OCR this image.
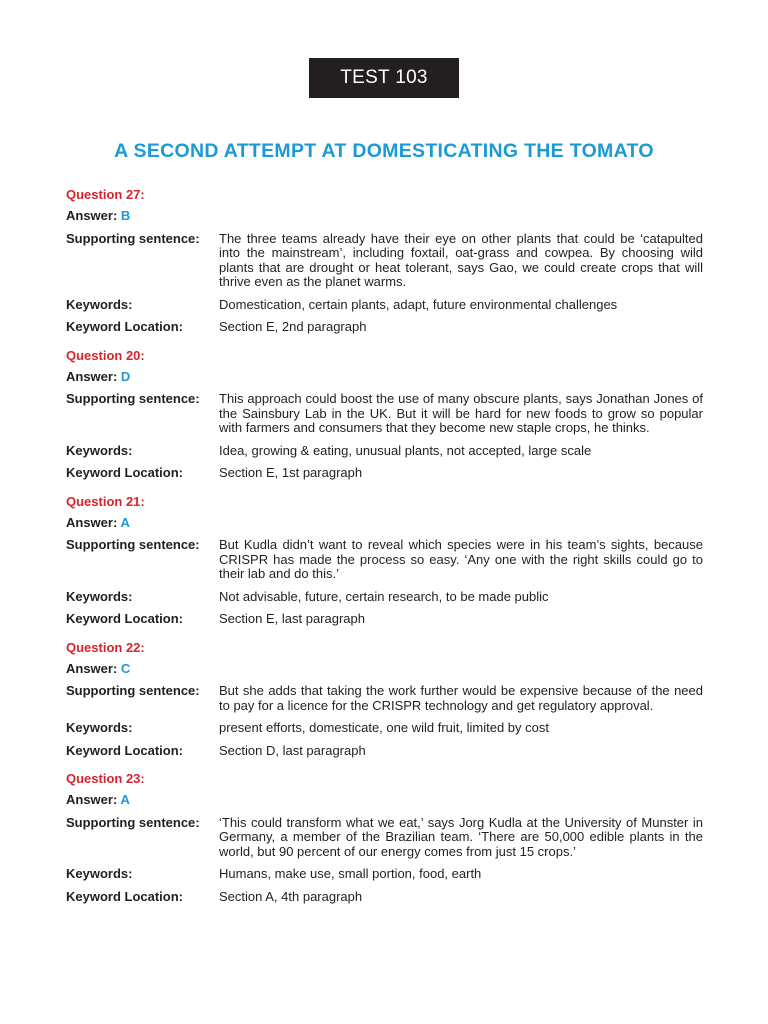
TEST 103
A SECOND ATTEMPT AT DOMESTICATING THE TOMATO
Question 27:
Answer: B
Supporting sentence:	The three teams already have their eye on other plants that could be ‘catapulted into the mainstream’, including foxtail, oat-grass and cowpea. By choosing wild plants that are drought or heat tolerant, says Gao, we could create crops that will thrive even as the planet warms.
Keywords:	Domestication, certain plants, adapt, future environmental challenges
Keyword Location:	Section E, 2nd paragraph
Question 20:
Answer: D
Supporting sentence:	This approach could boost the use of many obscure plants, says Jonathan Jones of the Sainsbury Lab in the UK. But it will be hard for new foods to grow so popular with farmers and consumers that they become new staple crops, he thinks.
Keywords:	Idea, growing & eating, unusual plants, not accepted, large scale
Keyword Location:	Section E, 1st paragraph
Question 21:
Answer: A
Supporting sentence:	But Kudla didn’t want to reveal which species were in his team’s sights, because CRISPR has made the process so easy. ‘Any one with the right skills could go to their lab and do this.’
Keywords:	Not advisable, future, certain research, to be made public
Keyword Location:	Section E, last paragraph
Question 22:
Answer: C
Supporting sentence:	But she adds that taking the work further would be expensive because of the need to pay for a licence for the CRISPR technology and get regulatory approval.
Keywords:	present efforts, domesticate, one wild fruit, limited by cost
Keyword Location:	Section D, last paragraph
Question 23:
Answer: A
Supporting sentence:	‘This could transform what we eat,’ says Jorg Kudla at the University of Munster in Germany, a member of the Brazilian team. ‘There are 50,000 edible plants in the world, but 90 percent of our energy comes from just 15 crops.’
Keywords:	Humans, make use, small portion, food, earth
Keyword Location:	Section A, 4th paragraph
